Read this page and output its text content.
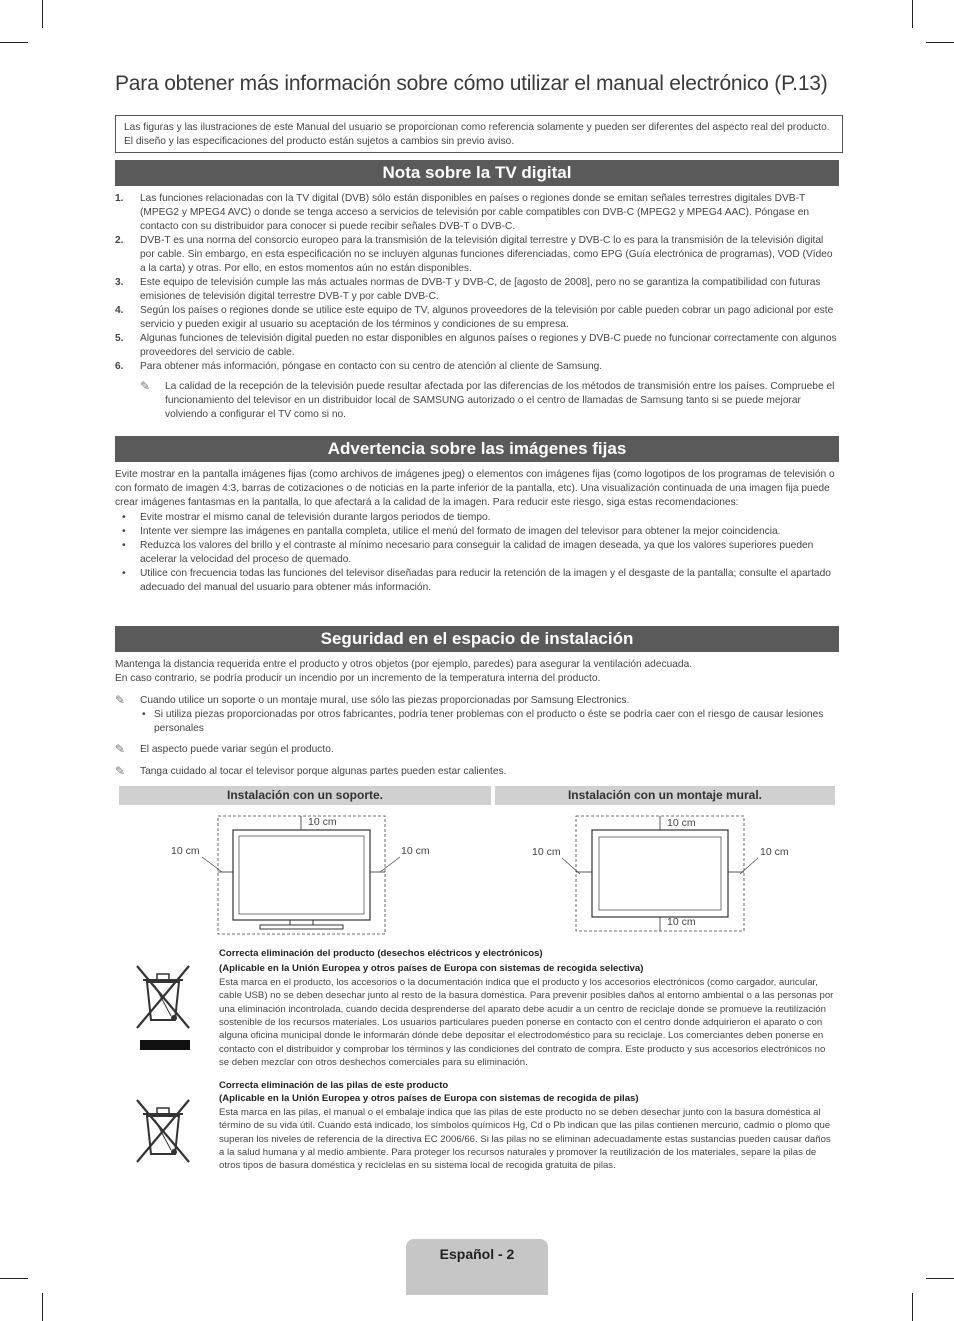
Para obtener más información sobre cómo utilizar el manual electrónico (P.13)
Las figuras y las ilustraciones de este Manual del usuario se proporcionan como referencia solamente y pueden ser diferentes del aspecto real del producto. El diseño y las especificaciones del producto están sujetos a cambios sin previo aviso.
Nota sobre la TV digital
1. Las funciones relacionadas con la TV digital (DVB) sólo están disponibles en países o regiones donde se emitan señales terrestres digitales DVB-T (MPEG2 y MPEG4 AVC) o donde se tenga acceso a servicios de televisión por cable compatibles con DVB-C (MPEG2 y MPEG4 AAC). Póngase en contacto con su distribuidor para conocer si puede recibir señales DVB-T o DVB-C.
2. DVB-T es una norma del consorcio europeo para la transmisión de la televisión digital terrestre y DVB-C lo es para la transmisión de la televisión digital por cable. Sin embargo, en esta especificación no se incluyen algunas funciones diferenciadas, como EPG (Guía electrónica de programas), VOD (Vídeo a la carta) y otras. Por ello, en estos momentos aún no están disponibles.
3. Este equipo de televisión cumple las más actuales normas de DVB-T y DVB-C, de [agosto de 2008], pero no se garantiza la compatibilidad con futuras emisiones de televisión digital terrestre DVB-T y por cable DVB-C.
4. Según los países o regiones donde se utilice este equipo de TV, algunos proveedores de la televisión por cable pueden cobrar un pago adicional por este servicio y pueden exigir al usuario su aceptación de los términos y condiciones de su empresa.
5. Algunas funciones de televisión digital pueden no estar disponibles en algunos países o regiones y DVB-C puede no funcionar correctamente con algunos proveedores del servicio de cable.
6. Para obtener más información, póngase en contacto con su centro de atención al cliente de Samsung.
✎ La calidad de la recepción de la televisión puede resultar afectada por las diferencias de los métodos de transmisión entre los países. Compruebe el funcionamiento del televisor en un distribuidor local de SAMSUNG autorizado o el centro de llamadas de Samsung tanto si se puede mejorar volviendo a configurar el TV como si no.
Advertencia sobre las imágenes fijas
Evite mostrar en la pantalla imágenes fijas (como archivos de imágenes jpeg) o elementos con imágenes fijas (como logotipos de los programas de televisión o con formato de imagen 4:3, barras de cotizaciones o de noticias en la parte inferior de la pantalla, etc). Una visualización continuada de una imagen fija puede crear imágenes fantasmas en la pantalla, lo que afectará a la calidad de la imagen. Para reducir este riesgo, siga estas recomendaciones:
• Evite mostrar el mismo canal de televisión durante largos periodos de tiempo.
• Intente ver siempre las imágenes en pantalla completa, utilice el menú del formato de imagen del televisor para obtener la mejor coincidencia.
• Reduzca los valores del brillo y el contraste al mínimo necesario para conseguir la calidad de imagen deseada, ya que los valores superiores pueden acelerar la velocidad del proceso de quemado.
• Utilice con frecuencia todas las funciones del televisor diseñadas para reducir la retención de la imagen y el desgaste de la pantalla; consulte el apartado adecuado del manual del usuario para obtener más información.
Seguridad en el espacio de instalación
Mantenga la distancia requerida entre el producto y otros objetos (por ejemplo, paredes) para asegurar la ventilación adecuada.
En caso contrario, se podría producir un incendio por un incremento de la temperatura interna del producto.
✎ Cuando utilice un soporte o un montaje mural, use sólo las piezas proporcionadas por Samsung Electronics.
• Si utiliza piezas proporcionadas por otros fabricantes, podría tener problemas con el producto o éste se podría caer con el riesgo de causar lesiones personales
✎ El aspecto puede variar según el producto.
✎ Tanga cuidado al tocar el televisor porque algunas partes pueden estar calientes.
Instalación con un soporte.	Instalación con un montaje mural.
10 cm
10 cm	10 cm
10 cm
10 cm	10 cm
10 cm
Correcta eliminación del producto (desechos eléctricos y electrónicos)
(Aplicable en la Unión Europea y otros países de Europa con sistemas de recogida selectiva)
Esta marca en el producto, los accesorios o la documentación indica que el producto y los accesorios electrónicos (como cargador, auricular, cable USB) no se deben desechar junto al resto de la basura doméstica. Para prevenir posibles daños al entorno ambiental o a las personas por una eliminación incontrolada, cuando decida desprenderse del aparato debe acudir a un centro de reciclaje donde se promueve la reutilización sostenible de los recursos materiales. Los usuarios particulares pueden ponerse en contacto con el centro donde adquirieron el aparato o con alguna oficina municipal donde le informarán dónde debe depositar el electrodoméstico para su reciclaje. Los comerciantes deben ponerse en contacto con el distribuidor y comprobar los términos y las condiciones del contrato de compra. Este producto y sus accesorios electrónicos no se deben mezclar con otros deshechos comerciales para su eliminación.
Correcta eliminación de las pilas de este producto
(Aplicable en la Unión Europea y otros países de Europa con sistemas de recogida de pilas)
Esta marca en las pilas, el manual o el embalaje indica que las pilas de este producto no se deben desechar junto con la basura doméstica al término de su vida útil. Cuando está indicado, los símbolos químicos Hg, Cd o Pb indican que las pilas contienen mercurio, cadmio o plomo que superan los niveles de referencia de la directiva EC 2006/66. Si las pilas no se eliminan adecuadamente estas sustancias pueden causar daños a la salud humana y al medio ambiente. Para proteger los recursos naturales y promover la reutilización de los materiales, separe la pilas de otros tipos de basura doméstica y recíclelas en su sistema local de recogida gratuita de pilas.
Español - 2
